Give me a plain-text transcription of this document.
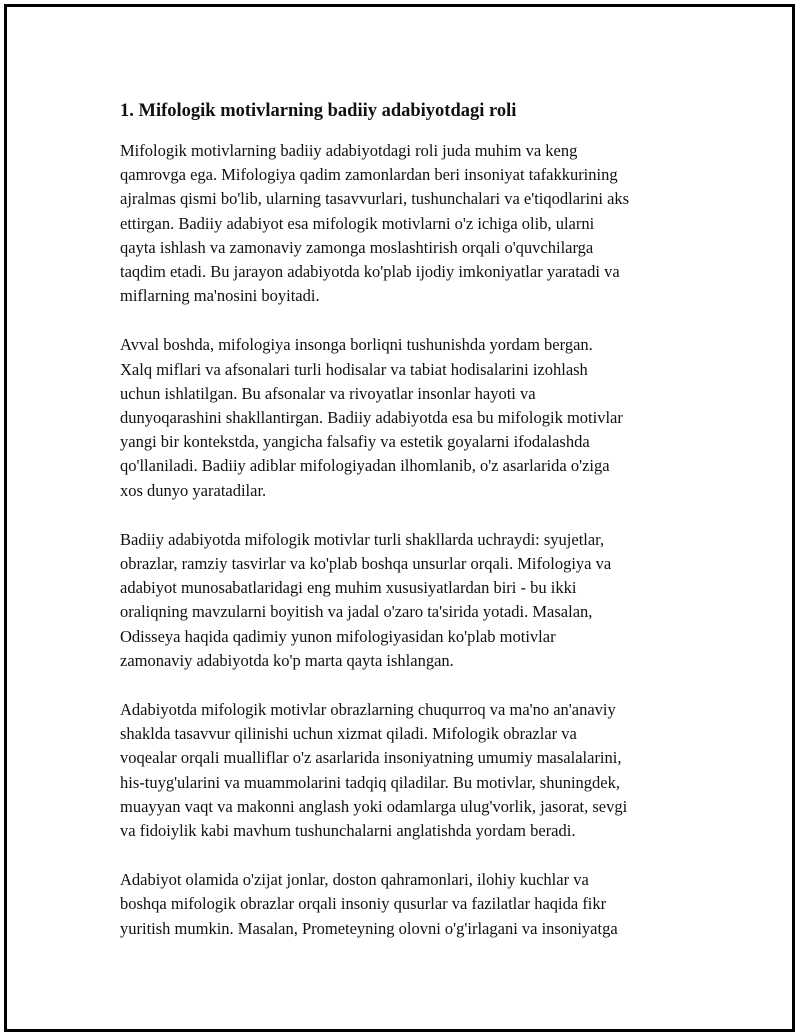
1. Mifologik motivlarning badiiy adabiyotdagi roli

Mifologik motivlarning badiiy adabiyotdagi roli juda muhim va keng
qamrovga ega. Mifologiya qadim zamonlardan beri insoniyat tafakkurining
ajralmas qismi bo'lib, ularning tasavvurlari, tushunchalari va e'tiqodlarini aks
ettirgan. Badiiy adabiyot esa mifologik motivlarni o'z ichiga olib, ularni
qayta ishlash va zamonaviy zamonga moslashtirish orqali o'quvchilarga
taqdim etadi. Bu jarayon adabiyotda ko'plab ijodiy imkoniyatlar yaratadi va
miflarning ma'nosini boyitadi.

Avval boshda, mifologiya insonga borliqni tushunishda yordam bergan.
Xalq miflari va afsonalari turli hodisalar va tabiat hodisalarini izohlash
uchun ishlatilgan. Bu afsonalar va rivoyatlar insonlar hayoti va
dunyoqarashini shakllantirgan. Badiiy adabiyotda esa bu mifologik motivlar
yangi bir kontekstda, yangicha falsafiy va estetik goyalarni ifodalashda
qo'llaniladi. Badiiy adiblar mifologiyadan ilhomlanib, o'z asarlarida o'ziga
xos dunyo yaratadilar.

Badiiy adabiyotda mifologik motivlar turli shakllarda uchraydi: syujetlar,
obrazlar, ramziy tasvirlar va ko'plab boshqa unsurlar orqali. Mifologiya va
adabiyot munosabatlaridagi eng muhim xususiyatlardan biri - bu ikki
oraliqning mavzularni boyitish va jadal o'zaro ta'sirida yotadi. Masalan,
Odisseya haqida qadimiy yunon mifologiyasidan ko'plab motivlar
zamonaviy adabiyotda ko'p marta qayta ishlangan.

Adabiyotda mifologik motivlar obrazlarning chuqurroq va ma'no an'anaviy
shaklda tasavvur qilinishi uchun xizmat qiladi. Mifologik obrazlar va
voqealar orqali mualliflar o'z asarlarida insoniyatning umumiy masalalarini,
his-tuyg'ularini va muammolarini tadqiq qiladilar. Bu motivlar, shuningdek,
muayyan vaqt va makonni anglash yoki odamlarga ulug'vorlik, jasorat, sevgi
va fidoiylik kabi mavhum tushunchalarni anglatishda yordam beradi.

Adabiyot olamida o'zijat jonlar, doston qahramonlari, ilohiy kuchlar va
boshqa mifologik obrazlar orqali insoniy qusurlar va fazilatlar haqida fikr
yuritish mumkin. Masalan, Prometeyning olovni o'g'irlagani va insoniyatga
